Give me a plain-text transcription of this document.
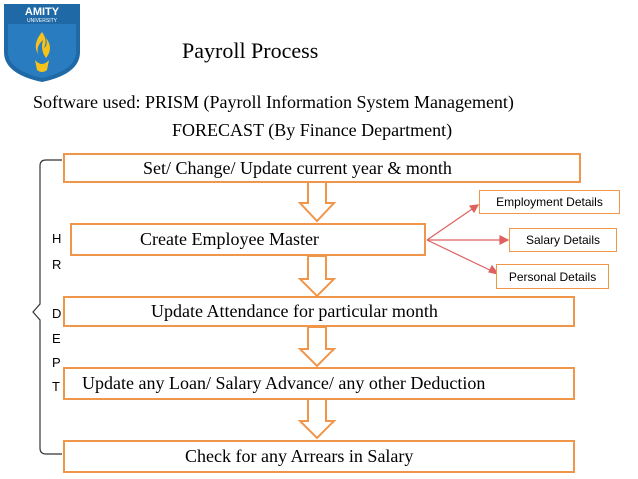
AMITY
UNIVERSITY
Payroll Process
Software used: PRISM (Payroll Information System Management)
FORECAST (By Finance Department)
Set/ Change/ Update current year & month
Create Employee Master
Update Attendance for particular month
Update any Loan/ Salary Advance/ any other Deduction
Check for any Arrears in Salary
Employment Details
Salary Details
Personal Details
H
R
D
E
P
T
